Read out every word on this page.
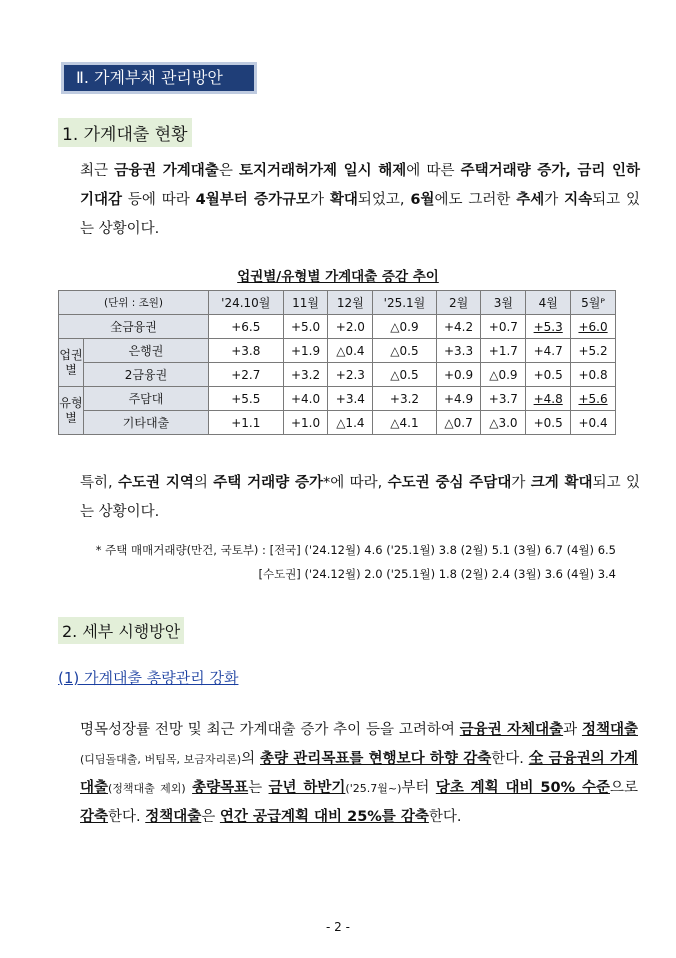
Ⅱ. 가계부채 관리방안
1. 가계대출 현황
최근 금융권 가계대출은 토지거래허가제 일시 해제에 따른 주택거래량 증가, 금리 인하 기대감 등에 따라 4월부터 증가규모가 확대되었고, 6월에도 그러한 추세가 지속되고 있는 상황이다.
업권별/유형별 가계대출 증감 추이
(단위 : 조원)		'24.10월	11월	12월	'25.1월	2월	3월	4월	5월ᴾ
全금융권		+6.5	+5.0	+2.0	△0.9	+4.2	+0.7	+5.3	+6.0
업권별	은행권	+3.8	+1.9	△0.4	△0.5	+3.3	+1.7	+4.7	+5.2
	2금융권	+2.7	+3.2	+2.3	△0.5	+0.9	△0.9	+0.5	+0.8
유형별	주담대	+5.5	+4.0	+3.4	+3.2	+4.9	+3.7	+4.8	+5.6
	기타대출	+1.1	+1.0	△1.4	△4.1	△0.7	△3.0	+0.5	+0.4
특히, 수도권 지역의 주택 거래량 증가*에 따라, 수도권 중심 주담대가 크게 확대되고 있는 상황이다.
* 주택 매매거래량(만건, 국토부) : [전국] ('24.12월) 4.6 ('25.1월) 3.8 (2월) 5.1 (3월) 6.7 (4월) 6.5
[수도권] ('24.12월) 2.0 ('25.1월) 1.8 (2월) 2.4 (3월) 3.6 (4월) 3.4
2. 세부 시행방안
(1) 가계대출 총량관리 강화
명목성장률 전망 및 최근 가계대출 증가 추이 등을 고려하여 금융권 자체대출과 정책대출(디딤돌대출, 버팀목, 보금자리론)의 총량 관리목표를 현행보다 하향 감축한다. 全 금융권의 가계대출(정책대출 제외) 총량목표는 금년 하반기('25.7월~)부터 당초 계획 대비 50% 수준으로 감축한다. 정책대출은 연간 공급계획 대비 25%를 감축한다.
- 2 -
